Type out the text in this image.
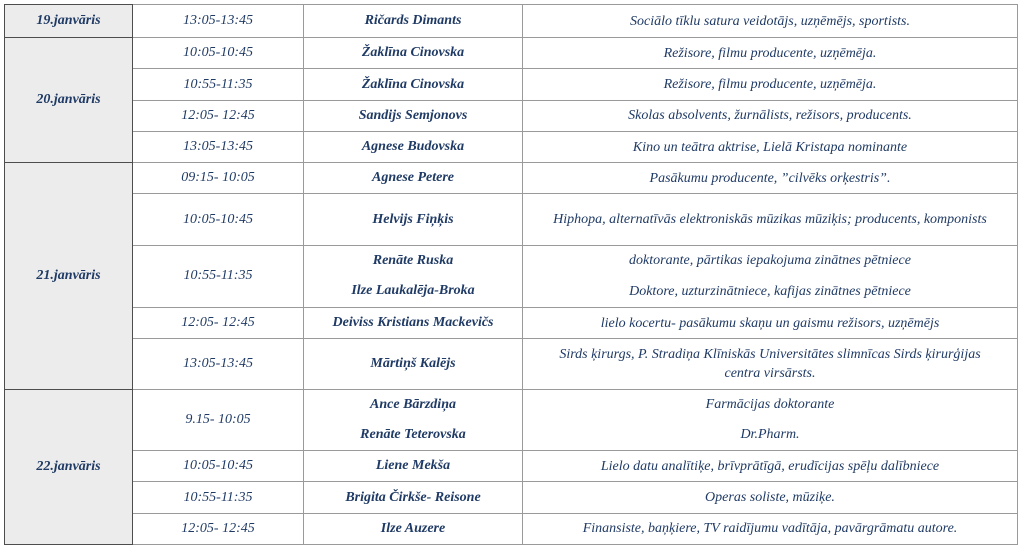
19.janvāris	13:05-13:45	Ričards Dimants	Sociālo tīklu satura veidotājs, uzņēmējs, sportists.
20.janvāris	10:05-10:45	Žaklīna Cinovska	Režisore, filmu producente, uzņēmēja.
	10:55-11:35	Žaklīna Cinovska	Režisore, filmu producente, uzņēmēja.
	12:05- 12:45	Sandijs Semjonovs	Skolas absolvents, žurnālists, režisors, producents.
	13:05-13:45	Agnese Budovska	Kino un teātra aktrise, Lielā Kristapa nominante
21.janvāris	09:15- 10:05	Agnese Petere	Pasākumu producente, ”cilvēks orķestris”.
	10:05-10:45	Helvijs Fiņķis	Hiphopa, alternatīvās elektroniskās mūzikas mūziķis; producents, komponists
	10:55-11:35	Renāte Ruska	doktorante, pārtikas iepakojuma zinātnes pētniece
		Ilze Laukalēja-Broka	Doktore, uzturzinātniece, kafijas zinātnes pētniece
	12:05- 12:45	Deiviss Kristians Mackevičs	lielo kocertu- pasākumu skaņu un gaismu režisors, uzņēmējs
	13:05-13:45	Mārtiņš Kalējs	Sirds ķirurgs, P. Stradiņa Klīniskās Universitātes slimnīcas Sirds ķirurģijas centra virsārsts.
22.janvāris	9.15- 10:05	Ance Bārzdiņa	Farmācijas doktorante
		Renāte Teterovska	Dr.Pharm.
	10:05-10:45	Liene Mekša	Lielo datu analītiķe, brīvprātīgā, erudīcijas spēļu dalībniece
	10:55-11:35	Brigita Čirkše- Reisone	Operas soliste, mūziķe.
	12:05- 12:45	Ilze Auzere	Finansiste, baņķiere, TV raidījumu vadītāja, pavārgrāmatu autore.
